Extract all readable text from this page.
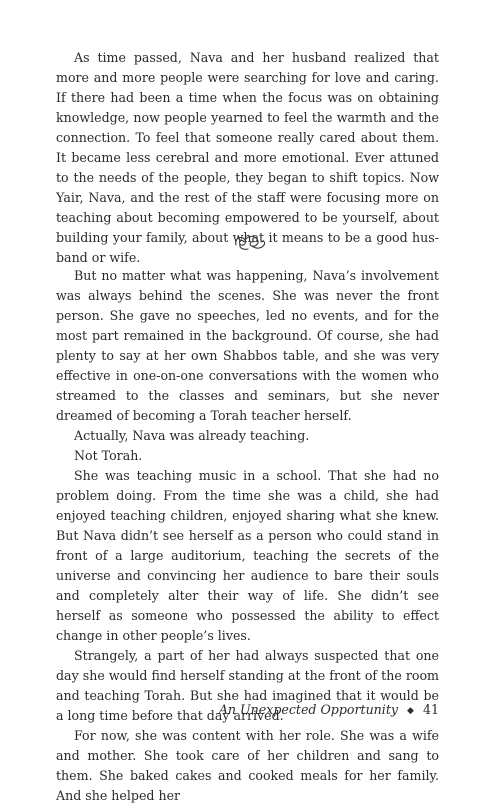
As time passed, Nava and her husband realized that more and more people were searching for love and caring. If there had been a time when the focus was on obtaining knowledge, now people yearned to feel the warmth and the connection. To feel that someone really cared about them. It became less cerebral and more emotional. Ever attuned to the needs of the people, they began to shift topics. Now Yair, Nava, and the rest of the staff were focusing more on teaching about becoming empowered to be yourself, about building your family, about what it means to be a good husband or wife.

But no matter what was happening, Nava’s involvement was always behind the scenes. She was never the front person. She gave no speeches, led no events, and for the most part remained in the background. Of course, she had plenty to say at her own Shabbos table, and she was very effective in one-on-one conversations with the women who streamed to the classes and seminars, but she never dreamed of becoming a Torah teacher herself.

Actually, Nava was already teaching.

Not Torah.

She was teaching music in a school. That she had no problem doing. From the time she was a child, she had enjoyed teaching children, enjoyed sharing what she knew. But Nava didn’t see herself as a person who could stand in front of a large auditorium, teaching the secrets of the universe and convincing her audience to bare their souls and completely alter their way of life. She didn’t see herself as someone who possessed the ability to effect change in other people’s lives.

Strangely, a part of her had always suspected that one day she would find herself standing at the front of the room and teaching Torah. But she had imagined that it would be a long time before that day arrived.

For now, she was content with her role. She was a wife and mother. She took care of her children and sang to them. She baked cakes and cooked meals for her family. And she helped her

An Unexpected Opportunity ◆ 41
